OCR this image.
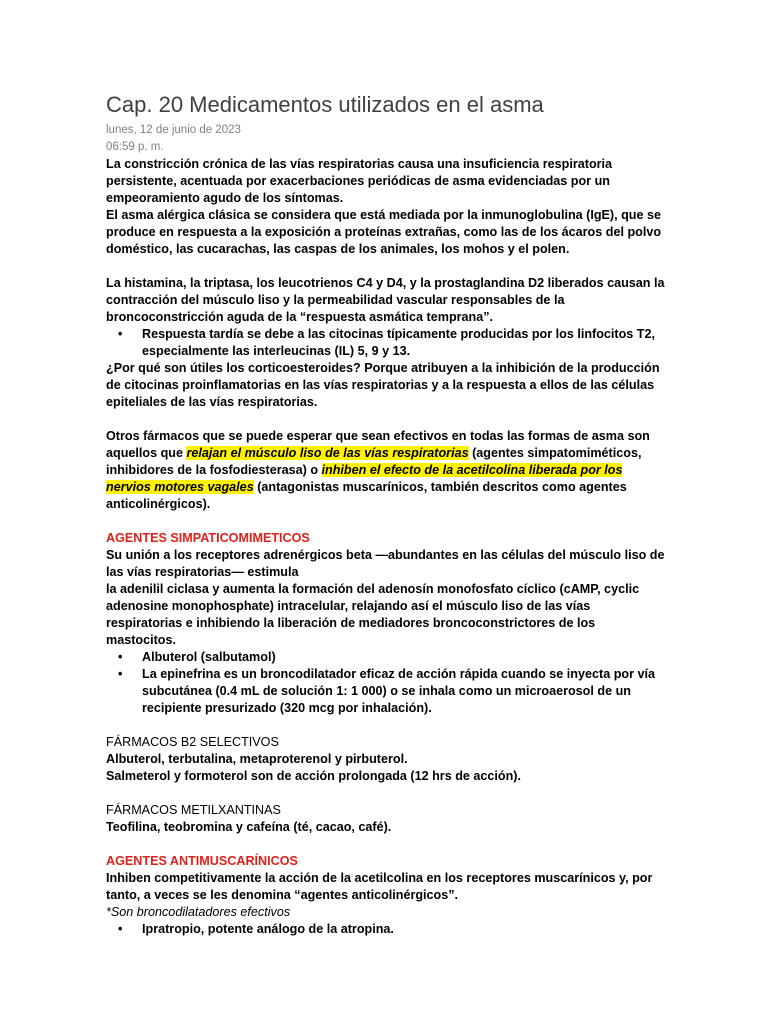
Cap. 20 Medicamentos utilizados en el asma
lunes, 12 de junio de 2023
06:59 p. m.

La constricción crónica de las vías respiratorias causa una insuficiencia respiratoria persistente, acentuada por exacerbaciones periódicas de asma evidenciadas por un empeoramiento agudo de los síntomas.

El asma alérgica clásica se considera que está mediada por la inmunoglobulina (IgE), que se produce en respuesta a la exposición a proteínas extrañas, como las de los ácaros del polvo doméstico, las cucarachas, las caspas de los animales, los mohos y el polen.

La histamina, la triptasa, los leucotrienos C4 y D4, y la prostaglandina D2 liberados causan la contracción del músculo liso y la permeabilidad vascular responsables de la broncoconstricción aguda de la “respuesta asmática temprana”.

• Respuesta tardía se debe a las citocinas típicamente producidas por los linfocitos T2, especialmente las interleucinas (IL) 5, 9 y 13.

¿Por qué son útiles los corticoesteroides? Porque atribuyen a la inhibición de la producción de citocinas proinflamatorias en las vías respiratorias y a la respuesta a ellos de las células epiteliales de las vías respiratorias.

Otros fármacos que se puede esperar que sean efectivos en todas las formas de asma son aquellos que relajan el músculo liso de las vías respiratorias (agentes simpatomiméticos, inhibidores de la fosfodiesterasa) o inhiben el efecto de la acetilcolina liberada por los nervios motores vagales (antagonistas muscarínicos, también descritos como agentes anticolinérgicos).

AGENTES SIMPATICOMIMETICOS

Su unión a los receptores adrenérgicos beta —abundantes en las células del músculo liso de las vías respiratorias— estimula

la adenilil ciclasa y aumenta la formación del adenosín monofosfato cíclico (cAMP, cyclic adenosine monophosphate) intracelular, relajando así el músculo liso de las vías respiratorias e inhibiendo la liberación de mediadores broncoconstrictores de los mastocitos.

• Albuterol (salbutamol)
• La epinefrina es un broncodilatador eficaz de acción rápida cuando se inyecta por vía subcutánea (0.4 mL de solución 1: 1 000) o se inhala como un microaerosol de un recipiente presurizado (320 mcg por inhalación).

FÁRMACOS B2 SELECTIVOS

Albuterol, terbutalina, metaproterenol y pirbuterol.

Salmeterol y formoterol son de acción prolongada (12 hrs de acción).

FÁRMACOS METILXANTINAS

Teofilina, teobromina y cafeína (té, cacao, café).

AGENTES ANTIMUSCARÍNICOS

Inhiben competitivamente la acción de la acetilcolina en los receptores muscarínicos y, por tanto, a veces se les denomina “agentes anticolinérgicos”.

*Son broncodilatadores efectivos

• Ipratropio, potente análogo de la atropina.
